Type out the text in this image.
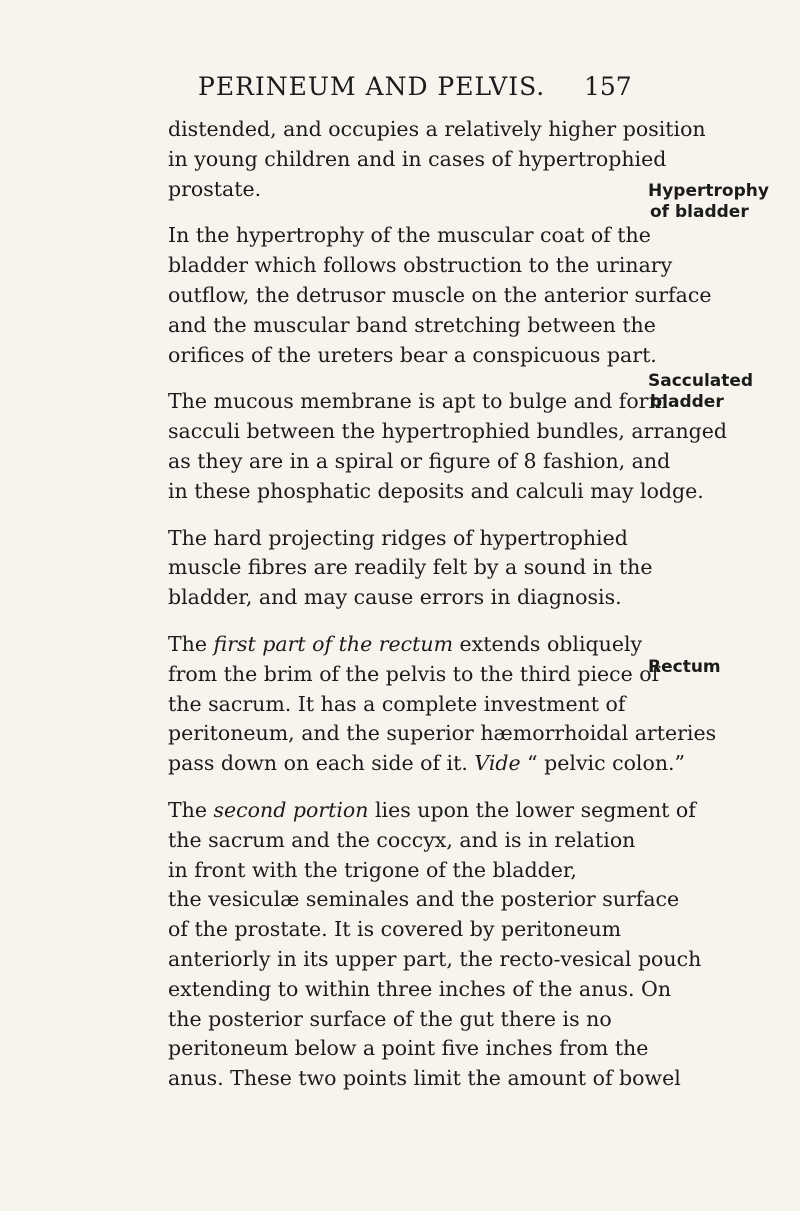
PERINEUM AND PELVIS. 157

distended, and occupies a relatively higher position
in young children and in cases of hypertrophied
prostate.

In the hypertrophy of the muscular coat of the
bladder which follows obstruction to the urinary
outflow, the detrusor muscle on the anterior surface
and the muscular band stretching between the
orifices of the ureters bear a conspicuous part.

The mucous membrane is apt to bulge and form
sacculi between the hypertrophied bundles, arranged
as they are in a spiral or figure of 8 fashion, and
in these phosphatic deposits and calculi may lodge.

The hard projecting ridges of hypertrophied
muscle fibres are readily felt by a sound in the
bladder, and may cause errors in diagnosis.

The first part of the rectum extends obliquely
from the brim of the pelvis to the third piece of
the sacrum. It has a complete investment of
peritoneum, and the superior hæmorrhoidal arteries
pass down on each side of it. Vide “ pelvic colon.”

The second portion lies upon the lower segment of
the sacrum and the coccyx, and is in relation
in front with the trigone of the bladder,
the vesiculæ seminales and the posterior surface
of the prostate. It is covered by peritoneum
anteriorly in its upper part, the recto-vesical pouch
extending to within three inches of the anus. On
the posterior surface of the gut there is no
peritoneum below a point five inches from the
anus. These two points limit the amount of bowel

Hypertrophy
of bladder
Sacculated
bladder
Rectum
